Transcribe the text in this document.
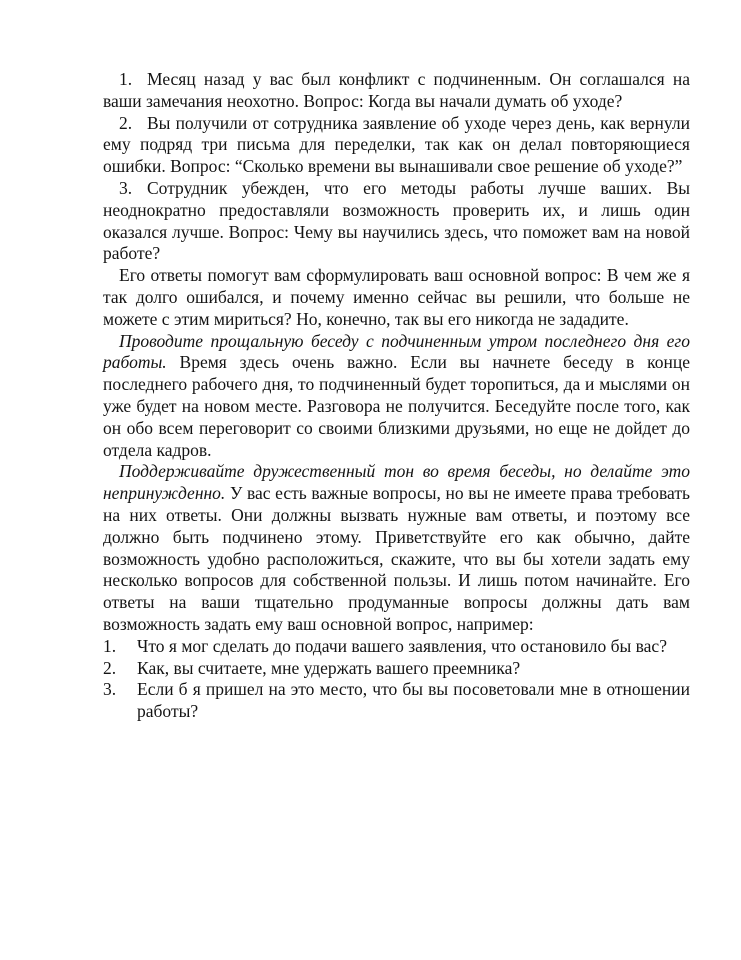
1. Месяц назад у вас был конфликт с подчиненным. Он соглашался на ваши замечания неохотно. Вопрос: Когда вы начали думать об уходе?

2. Вы получили от сотрудника заявление об уходе через день, как вернули ему подряд три письма для переделки, так как он делал повторяющиеся ошибки. Вопрос: “Сколько времени вы вынашивали свое решение об уходе?”

3. Сотрудник убежден, что его методы работы лучше ваших. Вы неоднократно предоставляли возможность проверить их, и лишь один оказался лучше. Вопрос: Чему вы научились здесь, что поможет вам на новой работе?

Его ответы помогут вам сформулировать ваш основной вопрос: В чем же я так долго ошибался, и почему именно сейчас вы решили, что больше не можете с этим мириться? Но, конечно, так вы его никогда не зададите.

Проводите прощальную беседу с подчиненным утром последнего дня его работы. Время здесь очень важно. Если вы начнете беседу в конце последнего рабочего дня, то подчиненный будет торопиться, да и мыслями он уже будет на новом месте. Разговора не получится. Беседуйте после того, как он обо всем переговорит со своими близкими друзьями, но еще не дойдет до отдела кадров.

Поддерживайте дружественный тон во время беседы, но делайте это непринужденно. У вас есть важные вопросы, но вы не имеете права требовать на них ответы. Они должны вызвать нужные вам ответы, и поэтому все должно быть подчинено этому. Приветствуйте его как обычно, дайте возможность удобно расположиться, скажите, что вы бы хотели задать ему несколько вопросов для собственной пользы. И лишь потом начинайте. Его ответы на ваши тщательно продуманные вопросы должны дать вам возможность задать ему ваш основной вопрос, например:

1. Что я мог сделать до подачи вашего заявления, что остановило бы вас?
2. Как, вы считаете, мне удержать вашего преемника?
3. Если б я пришел на это место, что бы вы посоветовали мне в отношении работы?
